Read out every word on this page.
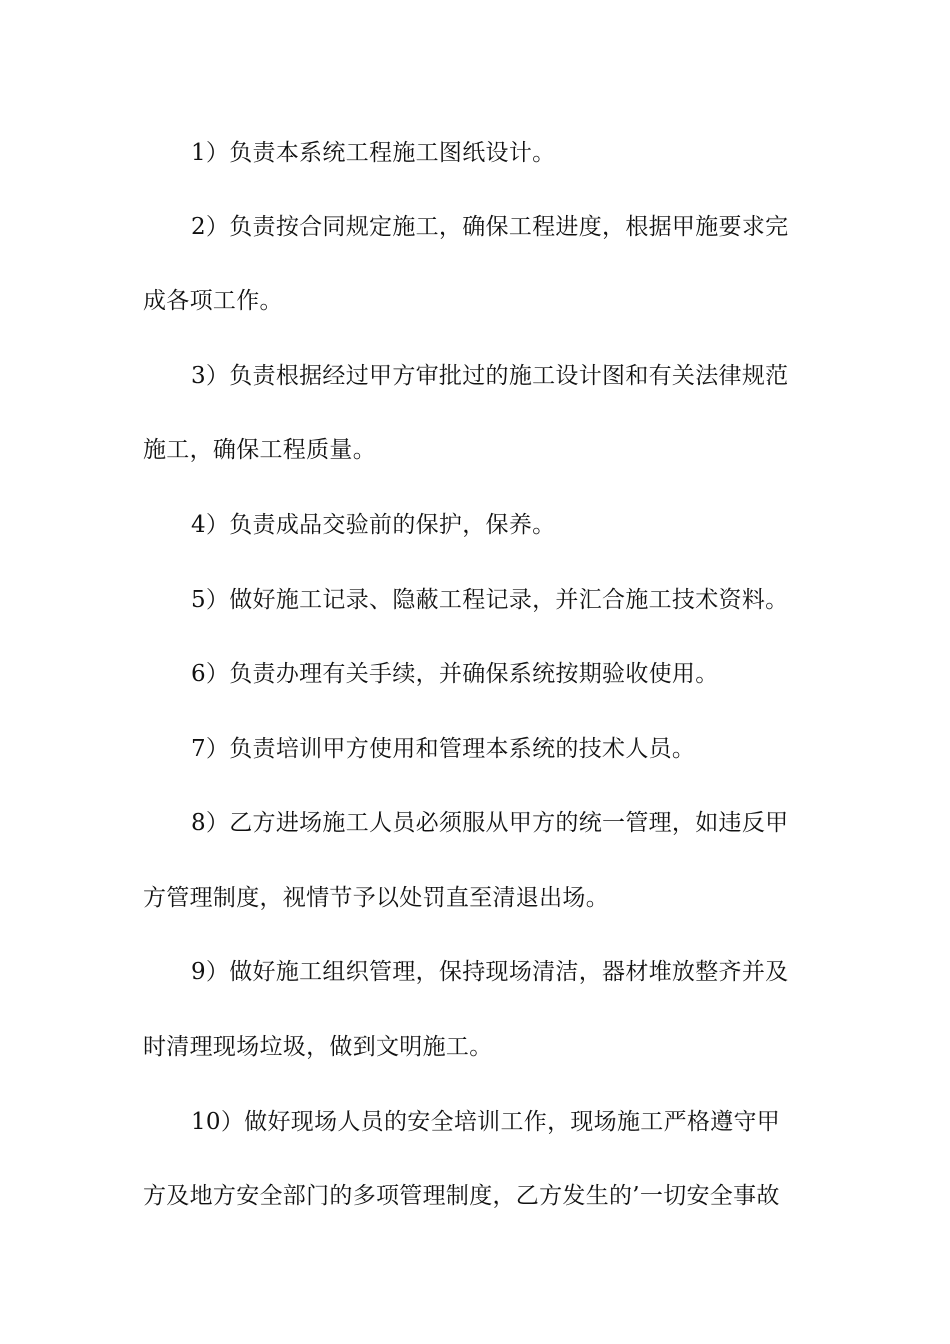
1）负责本系统工程施工图纸设计。
2）负责按合同规定施工，确保工程进度，根据甲施要求完
成各项工作。
3）负责根据经过甲方审批过的施工设计图和有关法律规范
施工，确保工程质量。
4）负责成品交验前的保护，保养。
5）做好施工记录、隐蔽工程记录，并汇合施工技术资料。
6）负责办理有关手续，并确保系统按期验收使用。
7）负责培训甲方使用和管理本系统的技术人员。
8）乙方进场施工人员必须服从甲方的统一管理，如违反甲
方管理制度，视情节予以处罚直至清退出场。
9）做好施工组织管理，保持现场清洁，器材堆放整齐并及
时清理现场垃圾，做到文明施工。
10）做好现场人员的安全培训工作，现场施工严格遵守甲
方及地方安全部门的多项管理制度，乙方发生的’一切安全事故
